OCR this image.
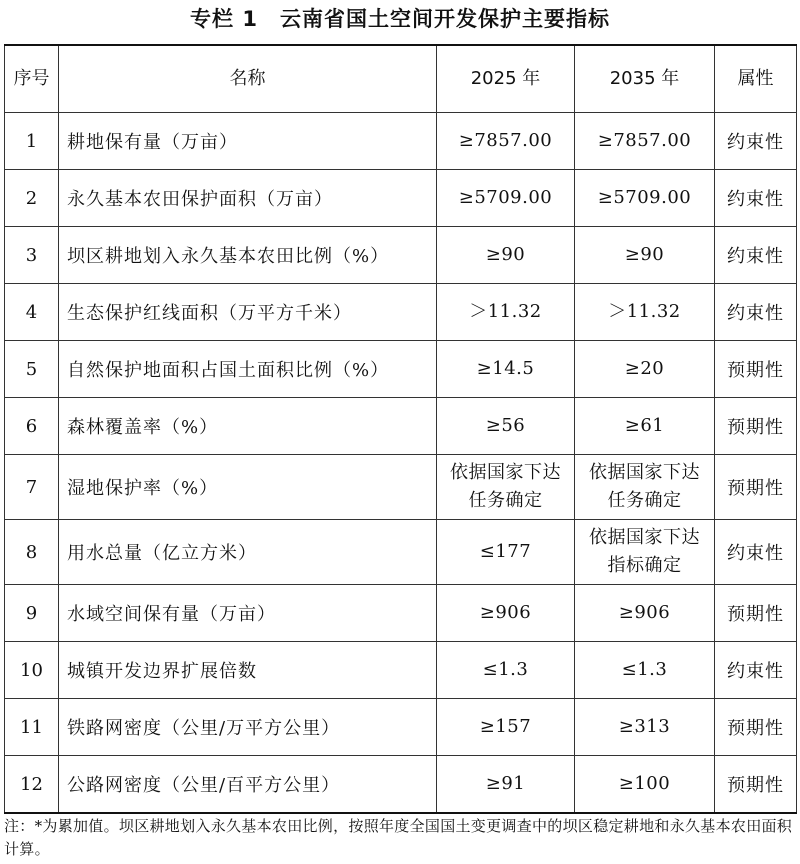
专栏 1 云南省国土空间开发保护主要指标
序号	名称	2025 年	2035 年	属性
1	耕地保有量（万亩）	≥7857.00	≥7857.00	约束性
2	永久基本农田保护面积（万亩）	≥5709.00	≥5709.00	约束性
3	坝区耕地划入永久基本农田比例（%）	≥90	≥90	约束性
4	生态保护红线面积（万平方千米）	＞11.32	＞11.32	约束性
5	自然保护地面积占国土面积比例（%）	≥14.5	≥20	预期性
6	森林覆盖率（%）	≥56	≥61	预期性
7	湿地保护率（%）	依据国家下达任务确定	依据国家下达任务确定	预期性
8	用水总量（亿立方米）	≤177	依据国家下达指标确定	约束性
9	水域空间保有量（万亩）	≥906	≥906	预期性
10	城镇开发边界扩展倍数	≤1.3	≤1.3	约束性
11	铁路网密度（公里/万平方公里）	≥157	≥313	预期性
12	公路网密度（公里/百平方公里）	≥91	≥100	预期性
注：*为累加值。坝区耕地划入永久基本农田比例，按照年度全国国土变更调查中的坝区稳定耕地和永久基本农田面积计算。
